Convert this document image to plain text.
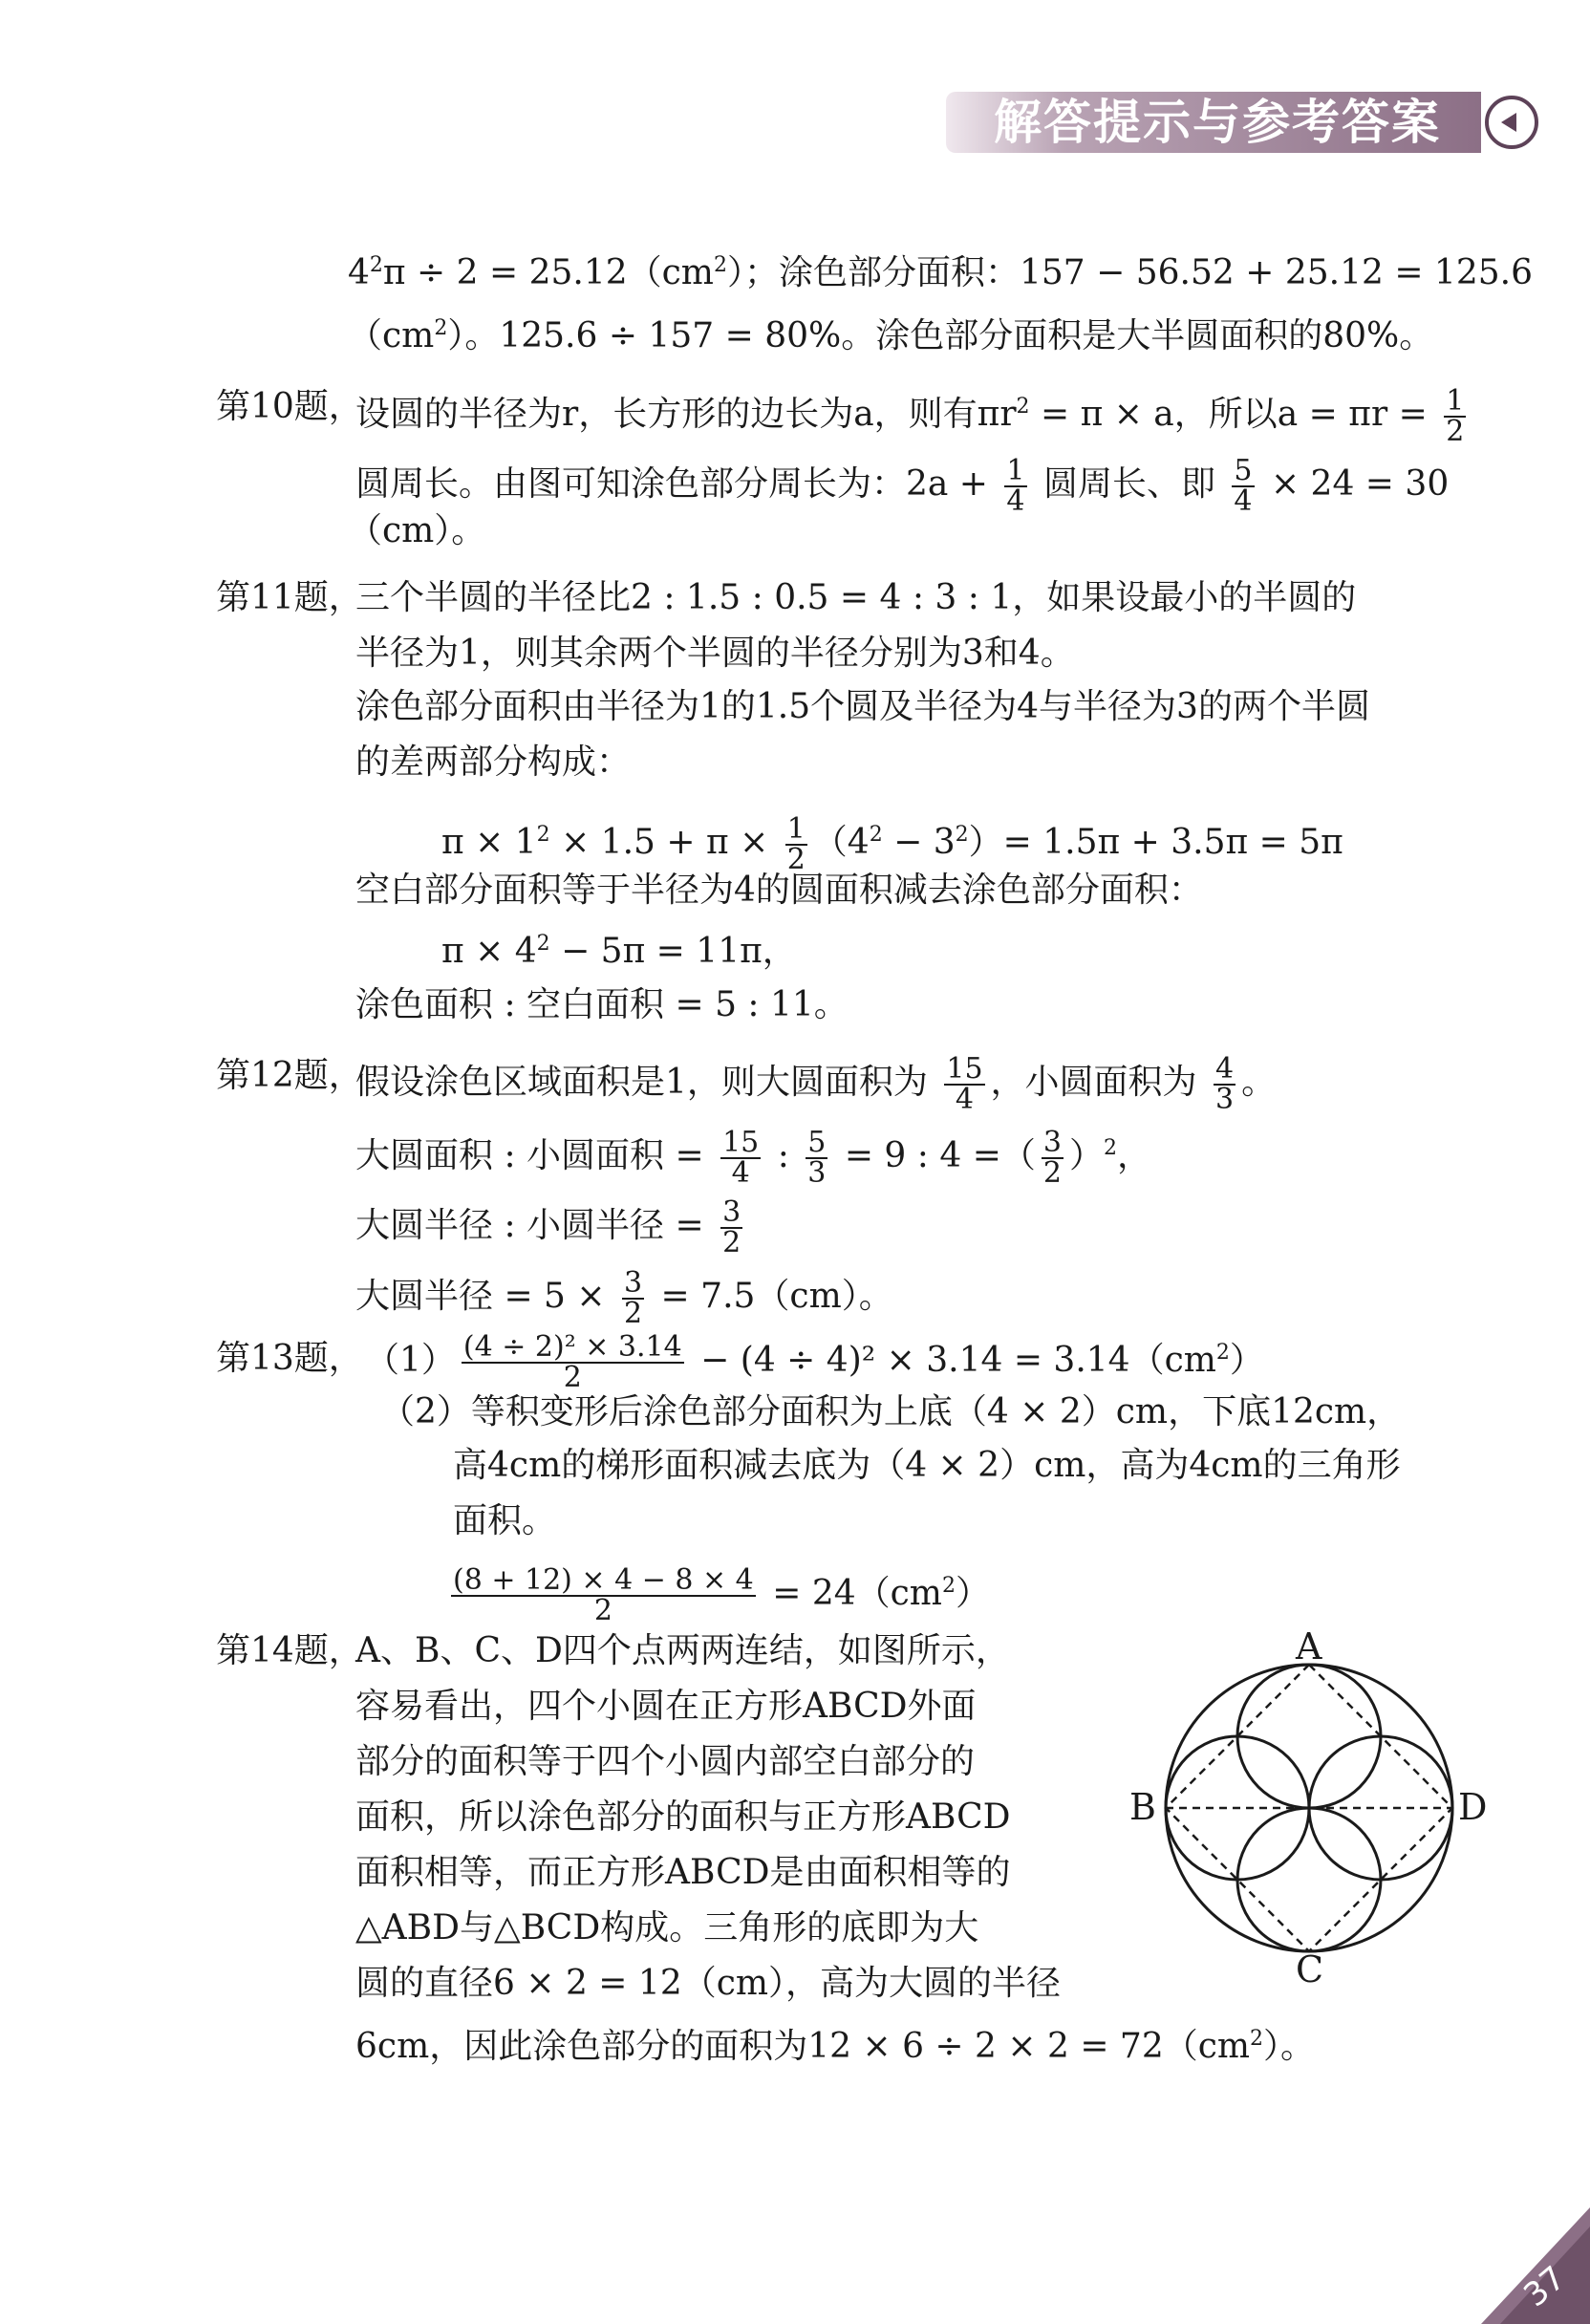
解答提示与参考答案
$4^2\pi \div 2 = 25.12(cm^2)$；涂色部分面积：157 − 56.52 + 25.12 = 125.6
$(cm^2)$。125.6 ÷ 157 = 80%。涂色部分面积是大半圆面积的80%。
第10题，
设圆的半径为r，长方形的边长为a，则有$\pi r^2 = \pi \times a$，所以$a = \pi r = \frac{1}{2}$
圆周长。由图可知涂色部分周长为：$2a + \frac{1}{4}$ 圆周长、即 $\frac{5}{4} \times 24 = 30$
（cm）。
第11题，
三个半圆的半径比2 : 1.5 : 0.5 = 4 : 3 : 1，如果设最小的半圆的
半径为1，则其余两个半圆的半径分别为3和4。
涂色部分面积由半径为1的1.5个圆及半径为4与半径为3的两个半圆
的差两部分构成：
$\pi \times 1^2 \times 1.5 + \pi \times \frac{1}{2} (4^2 - 3^2)= 1.5\pi + 3.5\pi = 5\pi$
空白部分面积等于半径为4的圆面积减去涂色部分面积：
$\pi \times 4^2 - 5\pi = 11\pi$，
涂色面积 : 空白面积 = 5 : 11。
第12题，
假设涂色区域面积是1，则大圆面积为 $\frac{15}{4}$ ，小圆面积为 $\frac{4}{3}$ 。
大圆面积 : 小圆面积 = $\frac{15}{4}$ : $\frac{5}{3} = 9$ : 4 =（ $\frac{3}{2} )^2$，
大圆半径 : 小圆半径 = $\frac{3}{2}$
大圆半径 = $5 \times \frac{3}{2} = 7.5(cm)$。
第13题， $(1) \frac{\text{(4 ÷ 2)² × 3.14}}{2} - (4 \div 4)^2 \times 3.14 = 3.14(cm^2)$
（2）等积变形后涂色部分面积为上底（4 × 2）cm，下底12cm，
高4cm的梯形面积减去底为（4 × 2）cm，高为4cm的三角形
面积。
$\frac{(8 + 12) \times 4 - 8 \times 4}{2} = 24(cm^2)$
第14题，
A、B、C、D四个点两两连结，如图所示，
容易看出，四个小圆在正方形ABCD外面
部分的面积等于四个小圆内部空白部分的
面积，所以涂色部分的面积与正方形ABCD
面积相等，而正方形ABCD是由面积相等的
△ABD与△BCD构成。三角形的底即为大
圆的直径6 × 2 = 12（cm），高为大圆的半径
6cm，因此涂色部分的面积为$12 \times 6 \div 2 \times 2 = 72(cm^2)$。
A
B
C
D
37
